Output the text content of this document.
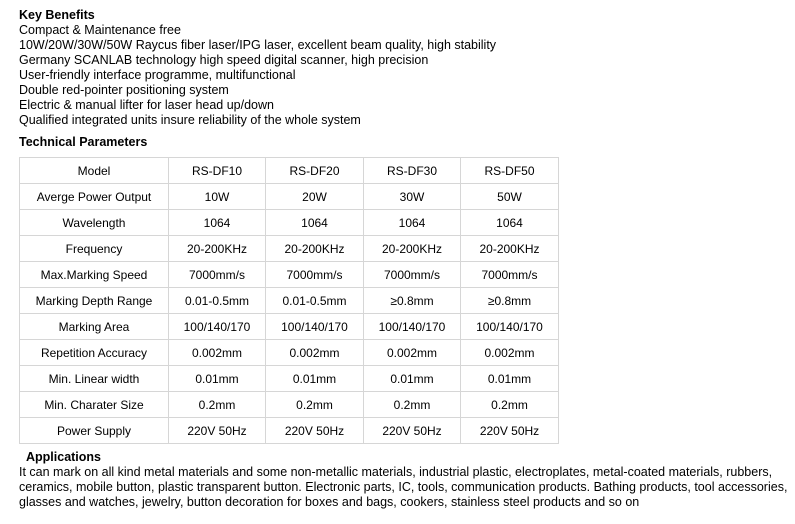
Key Benefits
Compact & Maintenance free
10W/20W/30W/50W Raycus fiber laser/IPG laser, excellent beam quality, high stability
Germany SCANLAB technology high speed digital scanner, high precision
User-friendly interface programme, multifunctional
Double red-pointer positioning system
Electric & manual lifter for laser head up/down
Qualified integrated units insure reliability of the whole system
Technical Parameters
Model	RS-DF10	RS-DF20	RS-DF30	RS-DF50
Averge Power Output	10W	20W	30W	50W
Wavelength	1064	1064	1064	1064
Frequency	20-200KHz	20-200KHz	20-200KHz	20-200KHz
Max.Marking Speed	7000mm/s	7000mm/s	7000mm/s	7000mm/s
Marking Depth Range	0.01-0.5mm	0.01-0.5mm	≥0.8mm	≥0.8mm
Marking Area	100/140/170	100/140/170	100/140/170	100/140/170
Repetition Accuracy	0.002mm	0.002mm	0.002mm	0.002mm
Min. Linear width	0.01mm	0.01mm	0.01mm	0.01mm
Min. Charater Size	0.2mm	0.2mm	0.2mm	0.2mm
Power Supply	220V 50Hz	220V 50Hz	220V 50Hz	220V 50Hz
Applications

It can mark on all kind metal materials and some non-metallic materials, industrial plastic, electroplates, metal-coated materials, rubbers, ceramics, mobile button, plastic transparent button. Electronic parts, IC, tools, communication products. Bathing products, tool accessories, glasses and watches, jewelry, button decoration for boxes and bags, cookers, stainless steel products and so on
